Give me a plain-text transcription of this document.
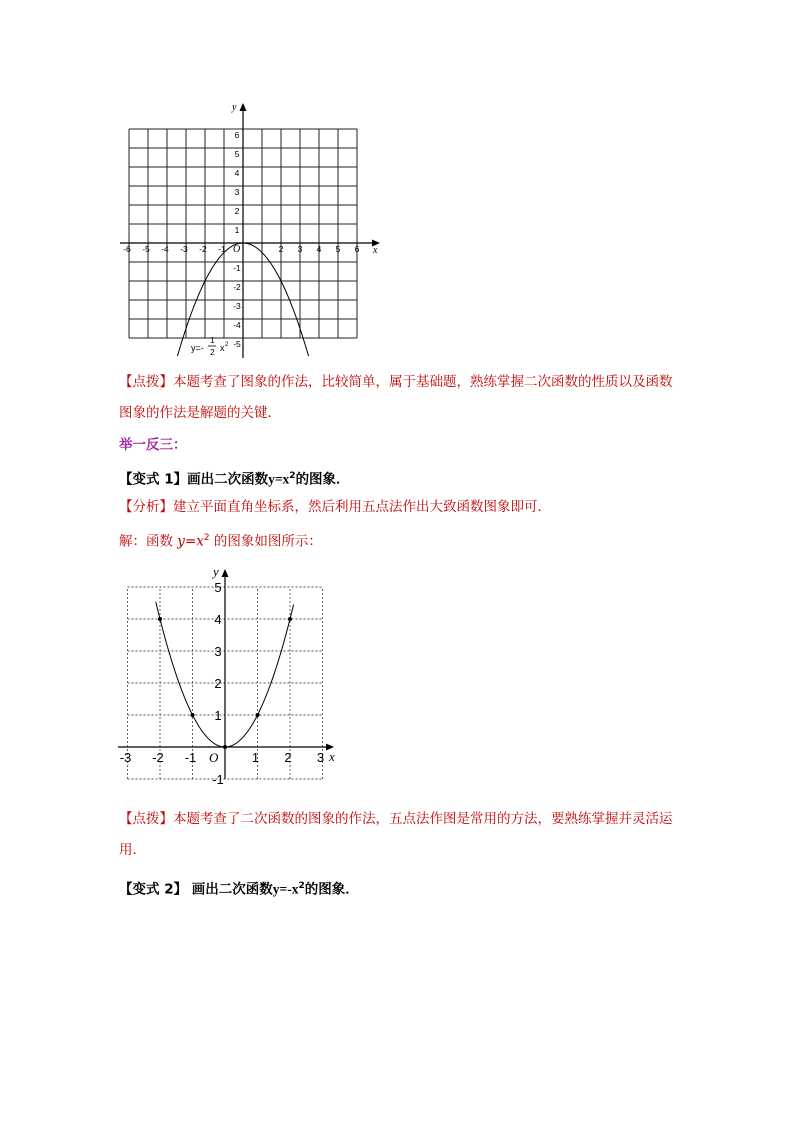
y
x
O
-6 -5 -4 -3 -2 -1	2 3 4 5 6
6
5
4
3
2
1
-1
-2
-3
-4
-5
y=-
1
2 x 2
【点拨】本题考查了图象的作法，比较简单，属于基础题，熟练掌握二次函数的性质以及函数图象的作法是解题的关键．
举一反三：
【变式 1】画出二次函数$y=x^2$的图象．
【分析】建立平面直角坐标系，然后利用五点法作出大致函数图象即可．
解：函数 $y=x^2$ 的图象如图所示：
y
x
O
-3 -2 -1	1 2 3
5
4
3
2
1
-1
【点拨】本题考查了二次函数的图象的作法，五点法作图是常用的方法，要熟练掌握并灵活运用．
【变式 2】 画出二次函数$y=-x^2$的图象．
